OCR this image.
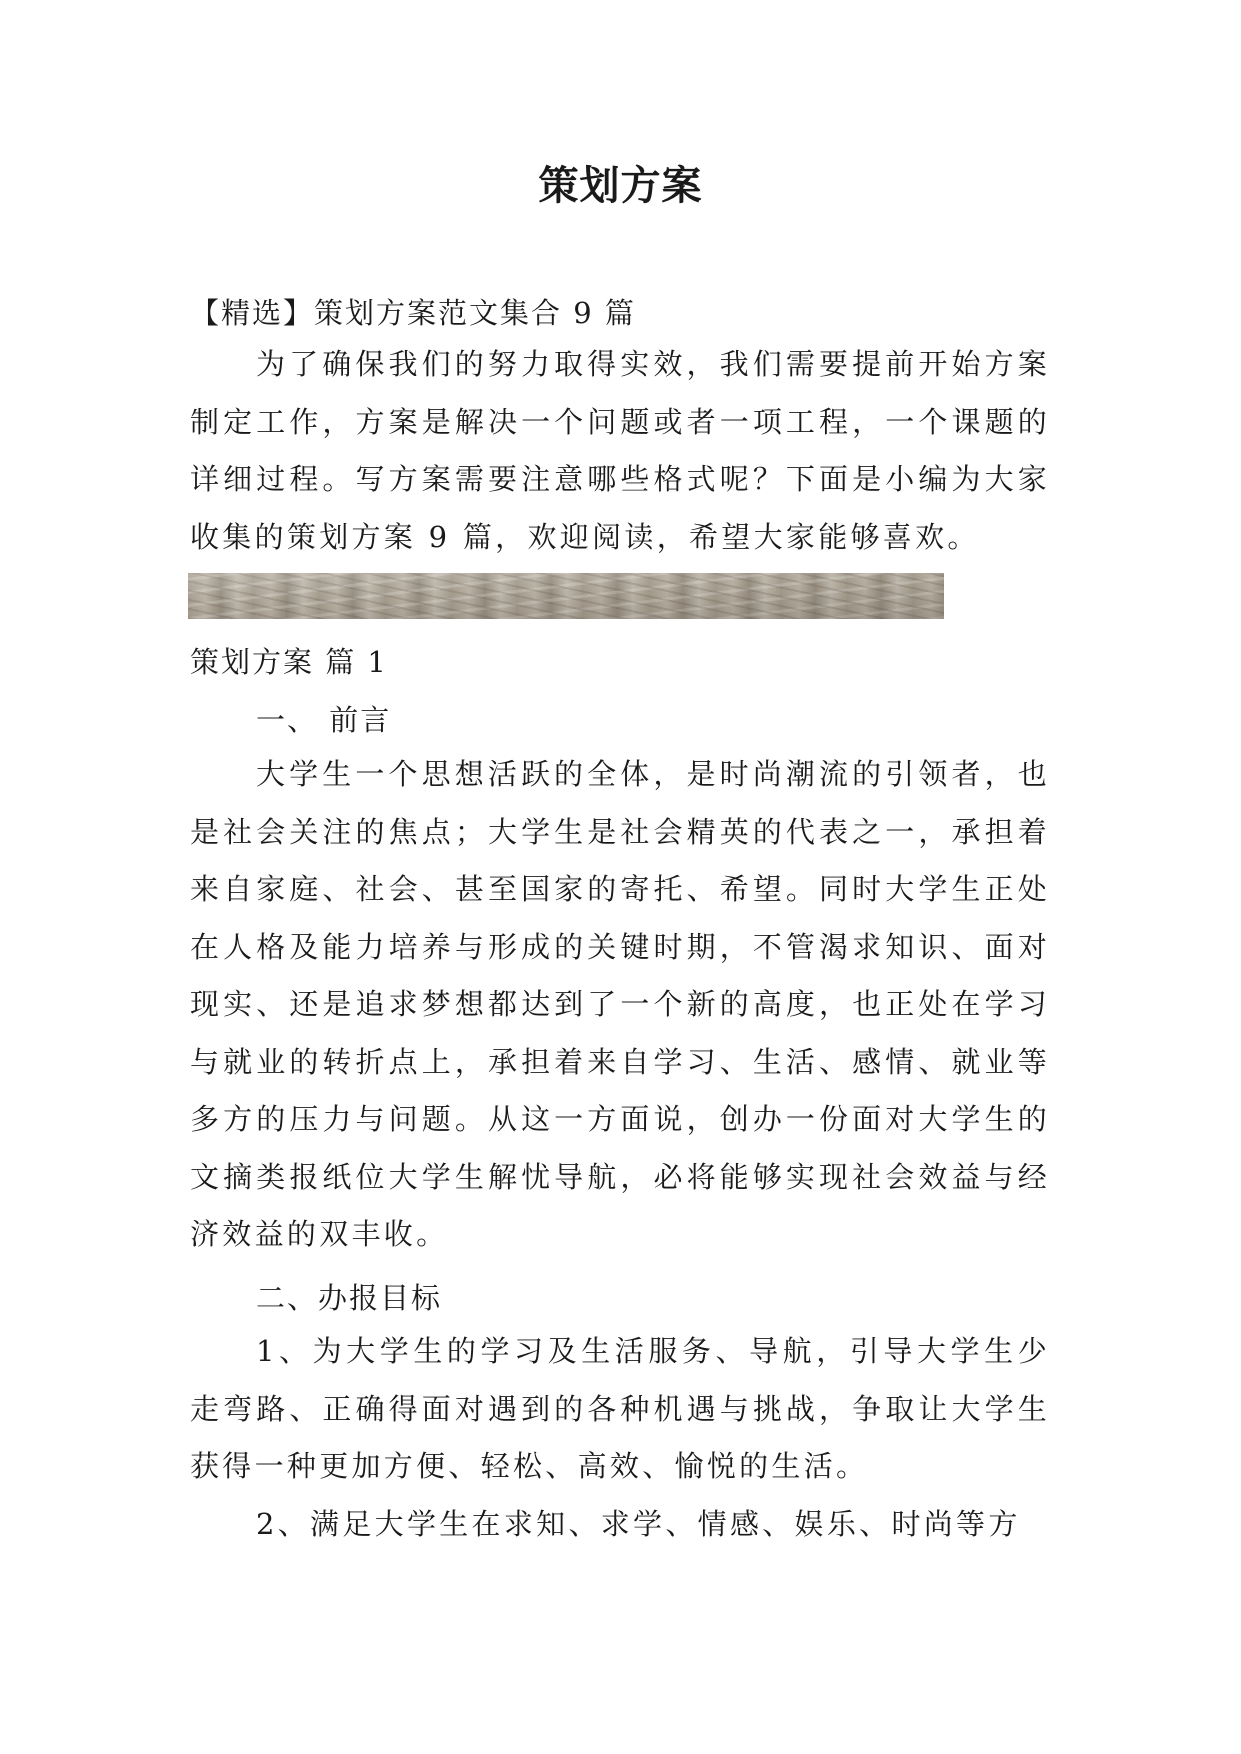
策划方案
【精选】策划方案范文集合 9 篇

为了确保我们的努力取得实效，我们需要提前开始方案制定工作，方案是解决一个问题或者一项工程，一个课题的详细过程。写方案需要注意哪些格式呢？下面是小编为大家收集的策划方案 9 篇，欢迎阅读，希望大家能够喜欢。

策划方案 篇 1
一、 前言

大学生一个思想活跃的全体，是时尚潮流的引领者，也是社会关注的焦点；大学生是社会精英的代表之一，承担着来自家庭、社会、甚至国家的寄托、希望。同时大学生正处在人格及能力培养与形成的关键时期，不管渴求知识、面对现实、还是追求梦想都达到了一个新的高度，也正处在学习与就业的转折点上，承担着来自学习、生活、感情、就业等多方的压力与问题。从这一方面说，创办一份面对大学生的文摘类报纸位大学生解忧导航，必将能够实现社会效益与经济效益的双丰收。

二、办报目标

1、为大学生的学习及生活服务、导航，引导大学生少走弯路、正确得面对遇到的各种机遇与挑战，争取让大学生获得一种更加方便、轻松、高效、愉悦的生活。

2、满足大学生在求知、求学、情感、娱乐、时尚等方
